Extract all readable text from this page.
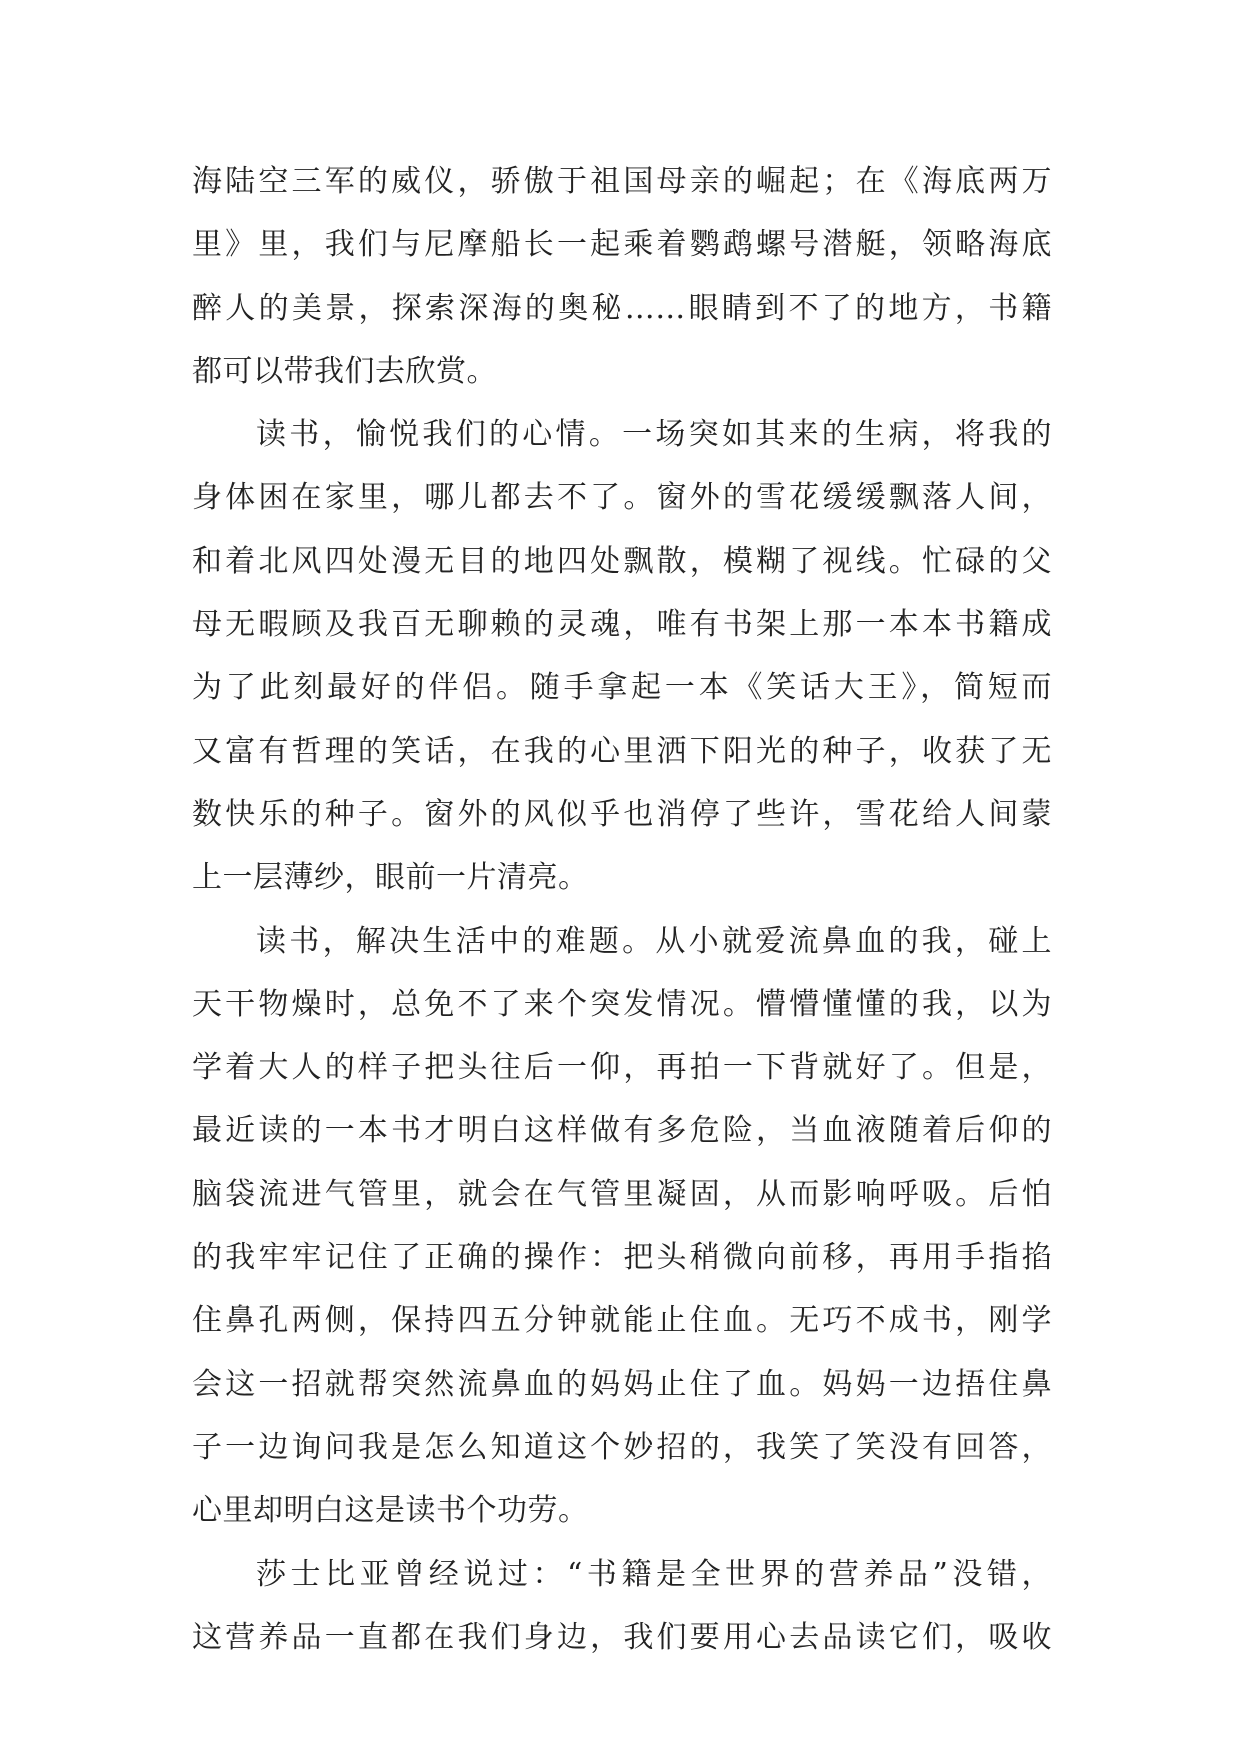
海陆空三军的威仪，骄傲于祖国母亲的崛起；在《海底两万
里》里，我们与尼摩船长一起乘着鹦鹉螺号潜艇，领略海底
醉人的美景，探索深海的奥秘……眼睛到不了的地方，书籍
都可以带我们去欣赏。
读书，愉悦我们的心情。一场突如其来的生病，将我的
身体困在家里，哪儿都去不了。窗外的雪花缓缓飘落人间，
和着北风四处漫无目的地四处飘散，模糊了视线。忙碌的父
母无暇顾及我百无聊赖的灵魂，唯有书架上那一本本书籍成
为了此刻最好的伴侣。随手拿起一本《笑话大王》，简短而
又富有哲理的笑话，在我的心里洒下阳光的种子，收获了无
数快乐的种子。窗外的风似乎也消停了些许，雪花给人间蒙
上一层薄纱，眼前一片清亮。
读书，解决生活中的难题。从小就爱流鼻血的我，碰上
天干物燥时，总免不了来个突发情况。懵懵懂懂的我，以为
学着大人的样子把头往后一仰，再拍一下背就好了。但是，
最近读的一本书才明白这样做有多危险，当血液随着后仰的
脑袋流进气管里，就会在气管里凝固，从而影响呼吸。后怕
的我牢牢记住了正确的操作：把头稍微向前移，再用手指掐
住鼻孔两侧，保持四五分钟就能止住血。无巧不成书，刚学
会这一招就帮突然流鼻血的妈妈止住了血。妈妈一边捂住鼻
子一边询问我是怎么知道这个妙招的，我笑了笑没有回答，
心里却明白这是读书个功劳。
莎士比亚曾经说过：“书籍是全世界的营养品”没错，
这营养品一直都在我们身边，我们要用心去品读它们，吸收
